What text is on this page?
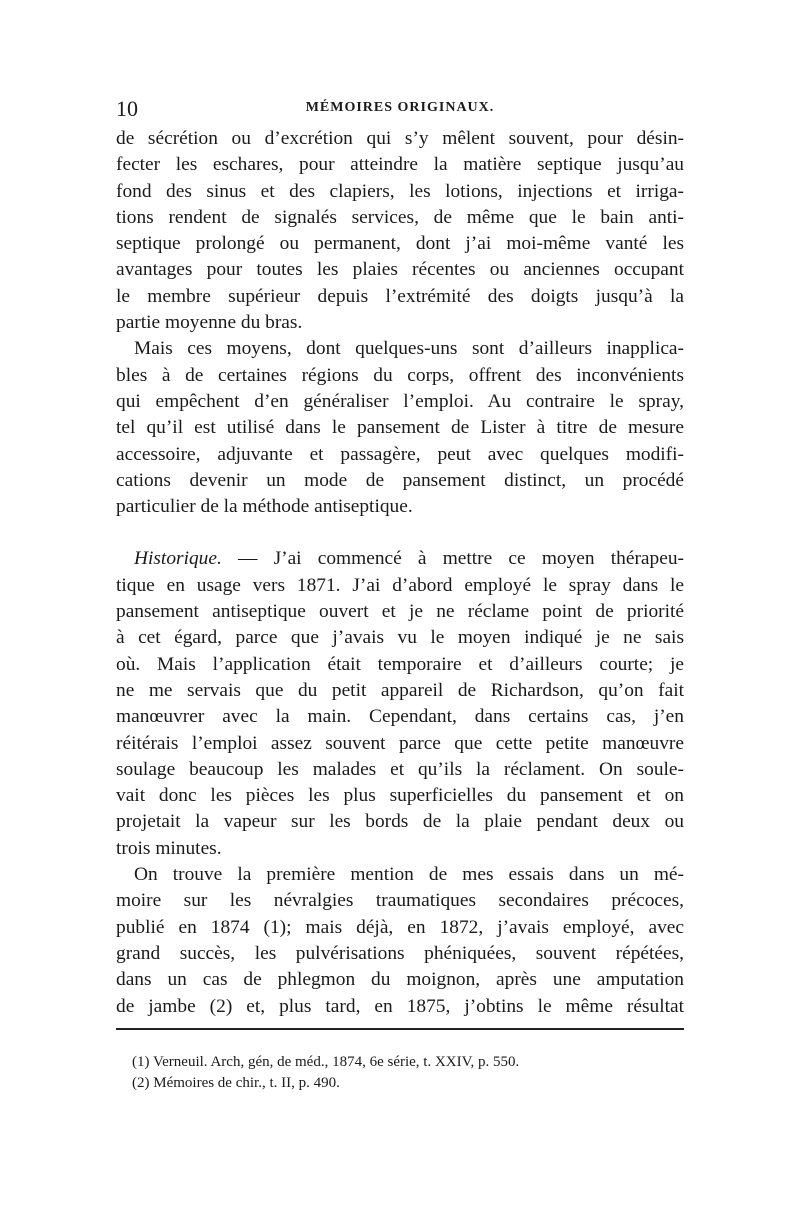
10	MÉMOIRES ORIGINAUX.
de sécrétion ou d’excrétion qui s’y mêlent souvent, pour désin-
fecter les eschares, pour atteindre la matière septique jusqu’au
fond des sinus et des clapiers, les lotions, injections et irriga-
tions rendent de signalés services, de même que le bain anti-
septique prolongé ou permanent, dont j’ai moi-même vanté les
avantages pour toutes les plaies récentes ou anciennes occupant
le membre supérieur depuis l’extrémité des doigts jusqu’à la
partie moyenne du bras.
Mais ces moyens, dont quelques-uns sont d’ailleurs inapplica-
bles à de certaines régions du corps, offrent des inconvénients
qui empêchent d’en généraliser l’emploi. Au contraire le spray,
tel qu’il est utilisé dans le pansement de Lister à titre de mesure
accessoire, adjuvante et passagère, peut avec quelques modifi-
cations devenir un mode de pansement distinct, un procédé
particulier de la méthode antiseptique.
Historique. — J’ai commencé à mettre ce moyen thérapeu-
tique en usage vers 1871. J’ai d’abord employé le spray dans le
pansement antiseptique ouvert et je ne réclame point de priorité
à cet égard, parce que j’avais vu le moyen indiqué je ne sais
où. Mais l’application était temporaire et d’ailleurs courte; je
ne me servais que du petit appareil de Richardson, qu’on fait
manœuvrer avec la main. Cependant, dans certains cas, j’en
réitérais l’emploi assez souvent parce que cette petite manœuvre
soulage beaucoup les malades et qu’ils la réclament. On soule-
vait donc les pièces les plus superficielles du pansement et on
projetait la vapeur sur les bords de la plaie pendant deux ou
trois minutes.
On trouve la première mention de mes essais dans un mé-
moire sur les névralgies traumatiques secondaires précoces,
publié en 1874 (1); mais déjà, en 1872, j’avais employé, avec
grand succès, les pulvérisations phéniquées, souvent répétées,
dans un cas de phlegmon du moignon, après une amputation
de jambe (2) et, plus tard, en 1875, j’obtins le même résultat
(1) Verneuil. Arch, gén, de méd., 1874, 6e série, t. XXIV, p. 550.
(2) Mémoires de chir., t. II, p. 490.
